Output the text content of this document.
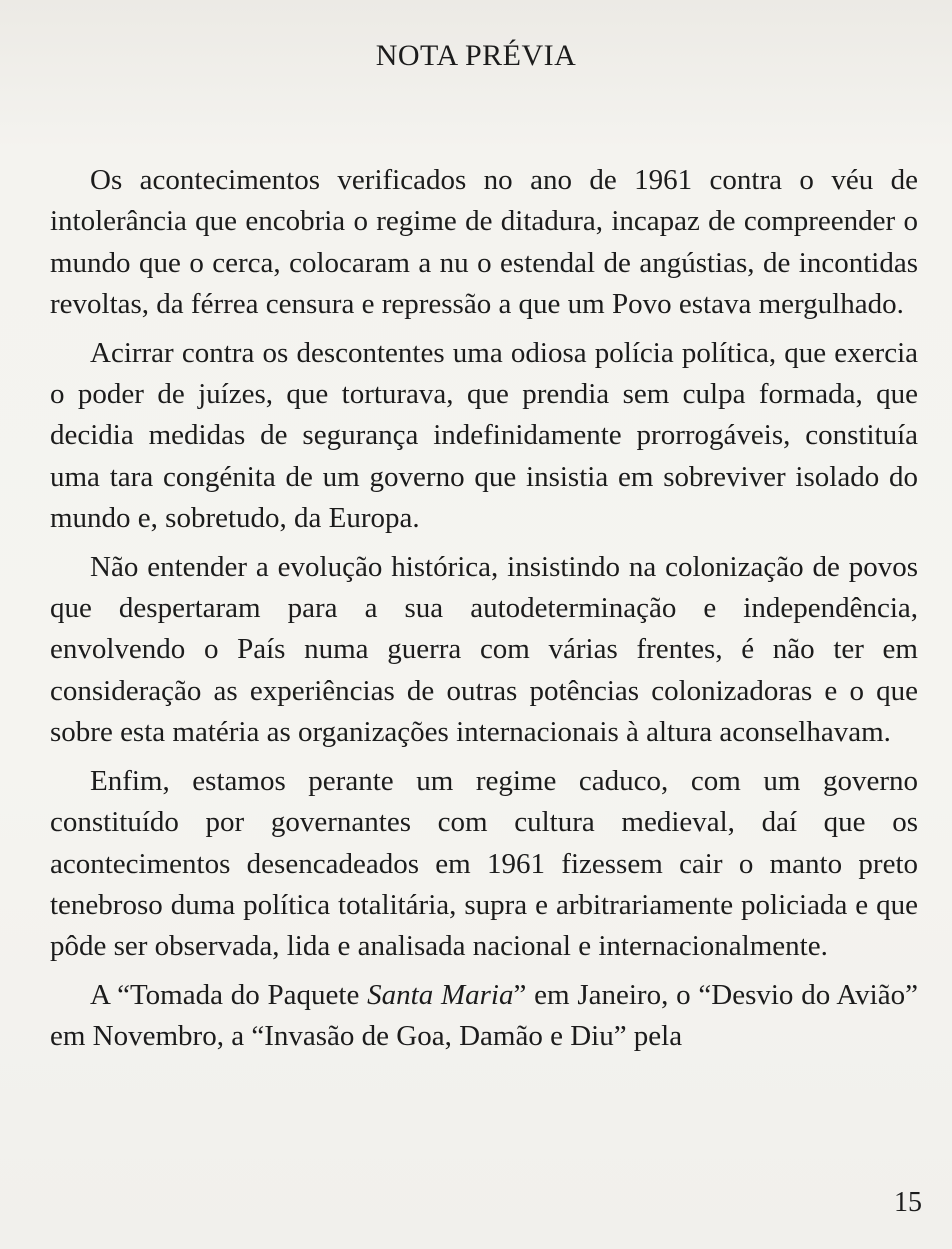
NOTA PRÉVIA

Os acontecimentos verificados no ano de 1961 contra o véu de intolerância que encobria o regime de ditadura, incapaz de compreender o mundo que o cerca, colocaram a nu o estendal de angústias, de incontidas revoltas, da férrea censura e repressão a que um Povo estava mergulhado.

Acirrar contra os descontentes uma odiosa polícia política, que exercia o poder de juízes, que torturava, que prendia sem culpa formada, que decidia medidas de segurança indefinidamente prorrogáveis, constituía uma tara congénita de um governo que insistia em sobreviver isolado do mundo e, sobretudo, da Europa.

Não entender a evolução histórica, insistindo na colonização de povos que despertaram para a sua autodeterminação e independência, envolvendo o País numa guerra com várias frentes, é não ter em consideração as experiências de outras potências colonizadoras e o que sobre esta matéria as organizações internacionais à altura aconselhavam.

Enfim, estamos perante um regime caduco, com um governo constituído por governantes com cultura medieval, daí que os acontecimentos desencadeados em 1961 fizessem cair o manto preto tenebroso duma política totalitária, supra e arbitrariamente policiada e que pôde ser observada, lida e analisada nacional e internacionalmente.

A “Tomada do Paquete Santa Maria” em Janeiro, o “Desvio do Avião” em Novembro, a “Invasão de Goa, Damão e Diu” pela

15
